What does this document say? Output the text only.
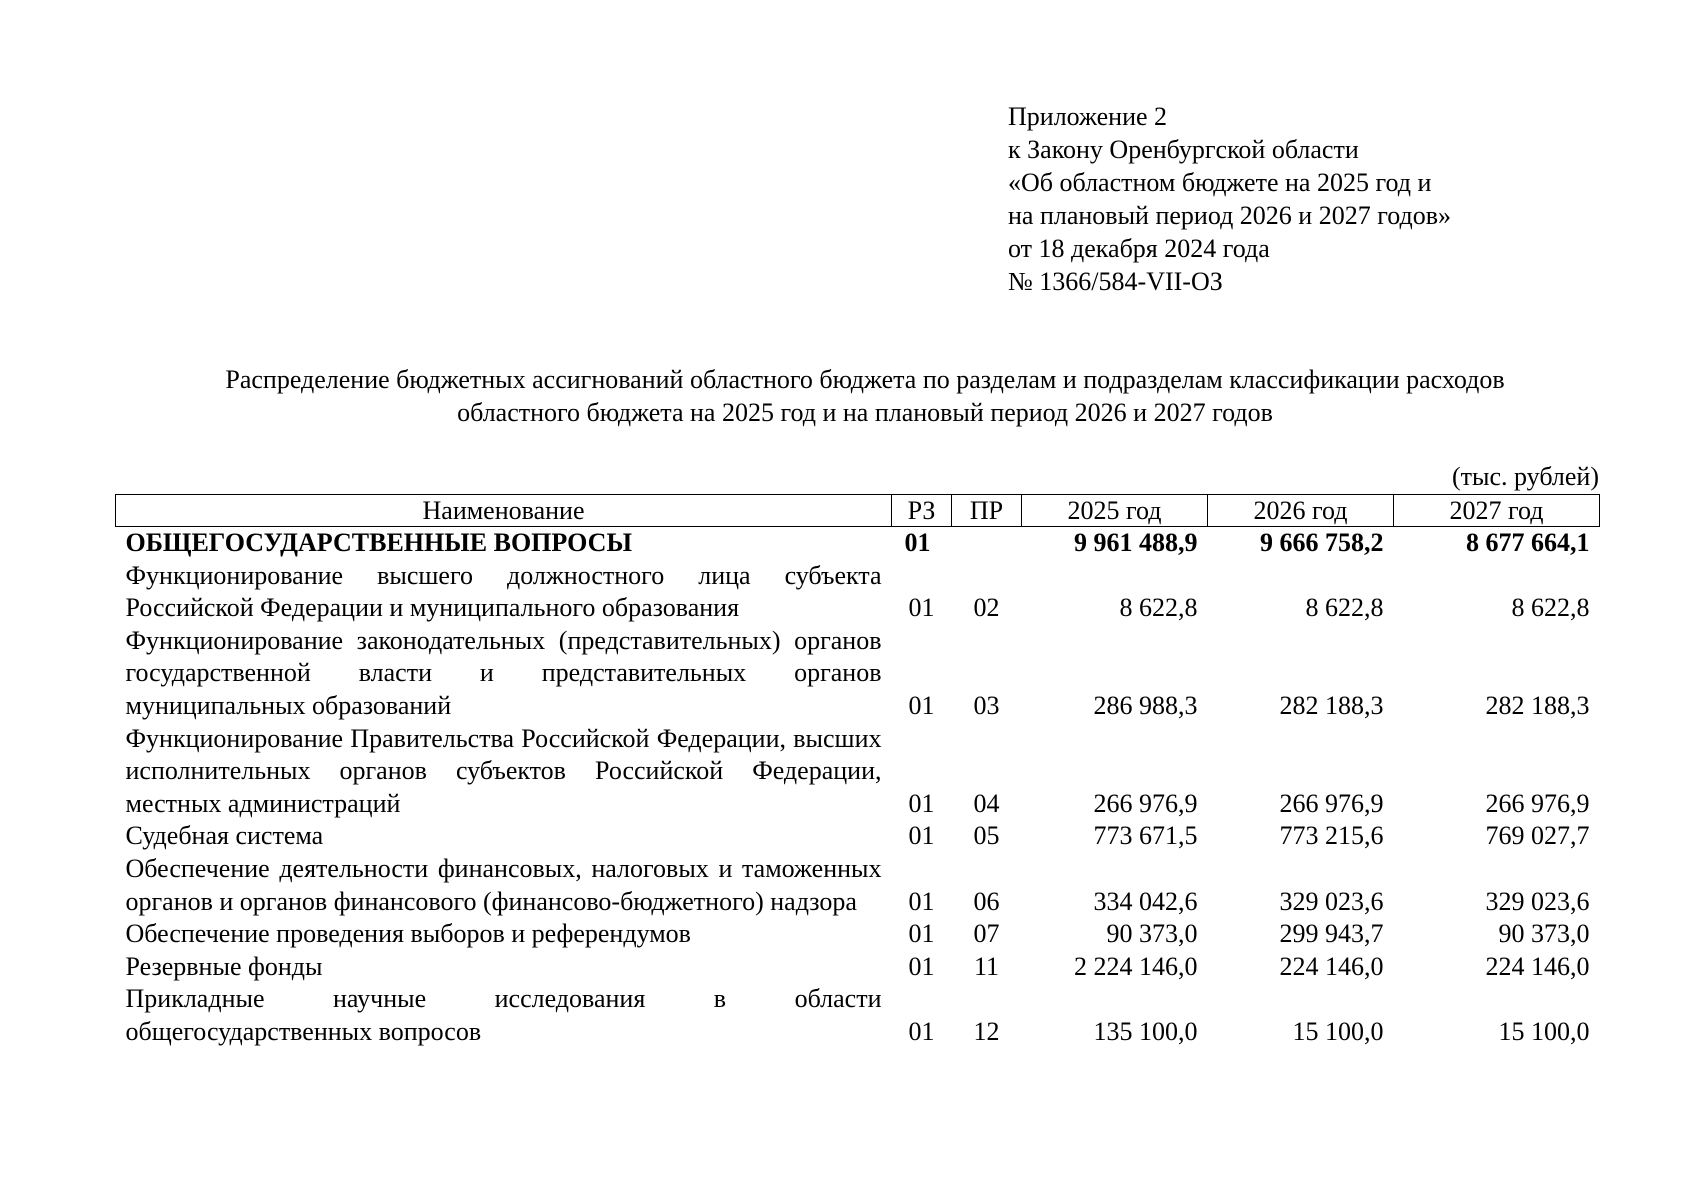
Приложение 2
к Закону Оренбургской области
«Об областном бюджете на 2025 год и
на плановый период 2026 и 2027 годов»
от 18 декабря 2024 года
№ 1366/584-VII-ОЗ
Распределение бюджетных ассигнований областного бюджета по разделам и подразделам классификации расходов
областного бюджета на 2025 год и на плановый период 2026 и 2027 годов
(тыс. рублей)
Наименование	РЗ	ПР	2025 год	2026 год	2027 год
ОБЩЕГОСУДАРСТВЕННЫЕ ВОПРОСЫ	01		9 961 488,9	9 666 758,2	8 677 664,1
Функционирование высшего должностного лица субъекта Российской Федерации и муниципального образования	01	02	8 622,8	8 622,8	8 622,8
Функционирование законодательных (представительных) органов государственной власти и представительных органов муниципальных образований	01	03	286 988,3	282 188,3	282 188,3
Функционирование Правительства Российской Федерации, высших исполнительных органов субъектов Российской Федерации, местных администраций	01	04	266 976,9	266 976,9	266 976,9
Судебная система	01	05	773 671,5	773 215,6	769 027,7
Обеспечение деятельности финансовых, налоговых и таможенных органов и органов финансового (финансово-бюджетного) надзора	01	06	334 042,6	329 023,6	329 023,6
Обеспечение проведения выборов и референдумов	01	07	90 373,0	299 943,7	90 373,0
Резервные фонды	01	11	2 224 146,0	224 146,0	224 146,0
Прикладные научные исследования в области общегосударственных вопросов	01	12	135 100,0	15 100,0	15 100,0
